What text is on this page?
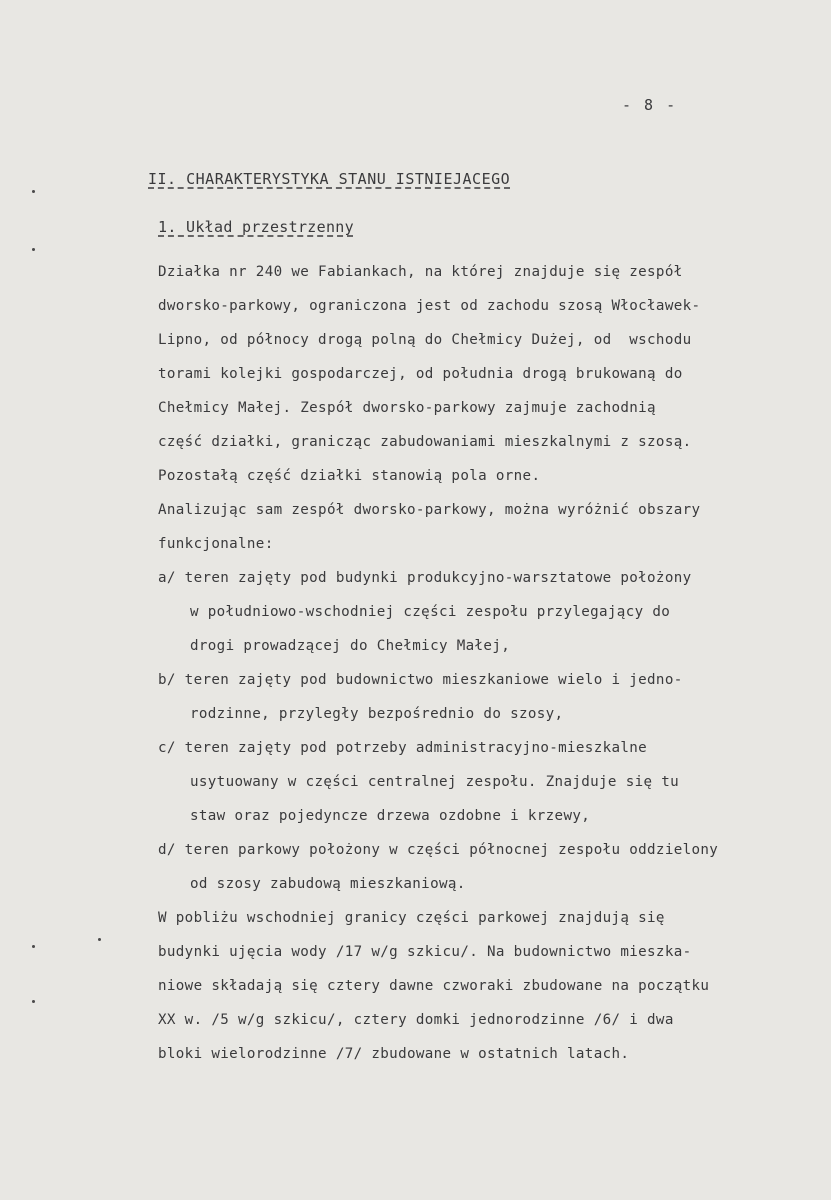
- 8 -
II. CHARAKTERYSTYKA STANU ISTNIEJACEGO
1. Układ przestrzenny
Działka nr 240 we Fabiankach, na której znajduje się zespół
dworsko-parkowy, ograniczona jest od zachodu szosą Włocławek-
Lipno, od północy drogą polną do Chełmicy Dużej, od  wschodu
torami kolejki gospodarczej, od południa drogą brukowaną do
Chełmicy Małej. Zespół dworsko-parkowy zajmuje zachodnią
część działki, granicząc zabudowaniami mieszkalnymi z szosą.
Pozostałą część działki stanowią pola orne.
Analizując sam zespół dworsko-parkowy, można wyróżnić obszary
funkcjonalne:
a/ teren zajęty pod budynki produkcyjno-warsztatowe położony
w południowo-wschodniej części zespołu przylegający do
drogi prowadzącej do Chełmicy Małej,
b/ teren zajęty pod budownictwo mieszkaniowe wielo i jedno-
rodzinne, przyległy bezpośrednio do szosy,
c/ teren zajęty pod potrzeby administracyjno-mieszkalne
usytuowany w części centralnej zespołu. Znajduje się tu
staw oraz pojedyncze drzewa ozdobne i krzewy,
d/ teren parkowy położony w części północnej zespołu oddzielony
od szosy zabudową mieszkaniową.
W pobliżu wschodniej granicy części parkowej znajdują się
budynki ujęcia wody /17 w/g szkicu/. Na budownictwo mieszka-
niowe składają się cztery dawne czworaki zbudowane na początku
XX w. /5 w/g szkicu/, cztery domki jednorodzinne /6/ i dwa
bloki wielorodzinne /7/ zbudowane w ostatnich latach.
